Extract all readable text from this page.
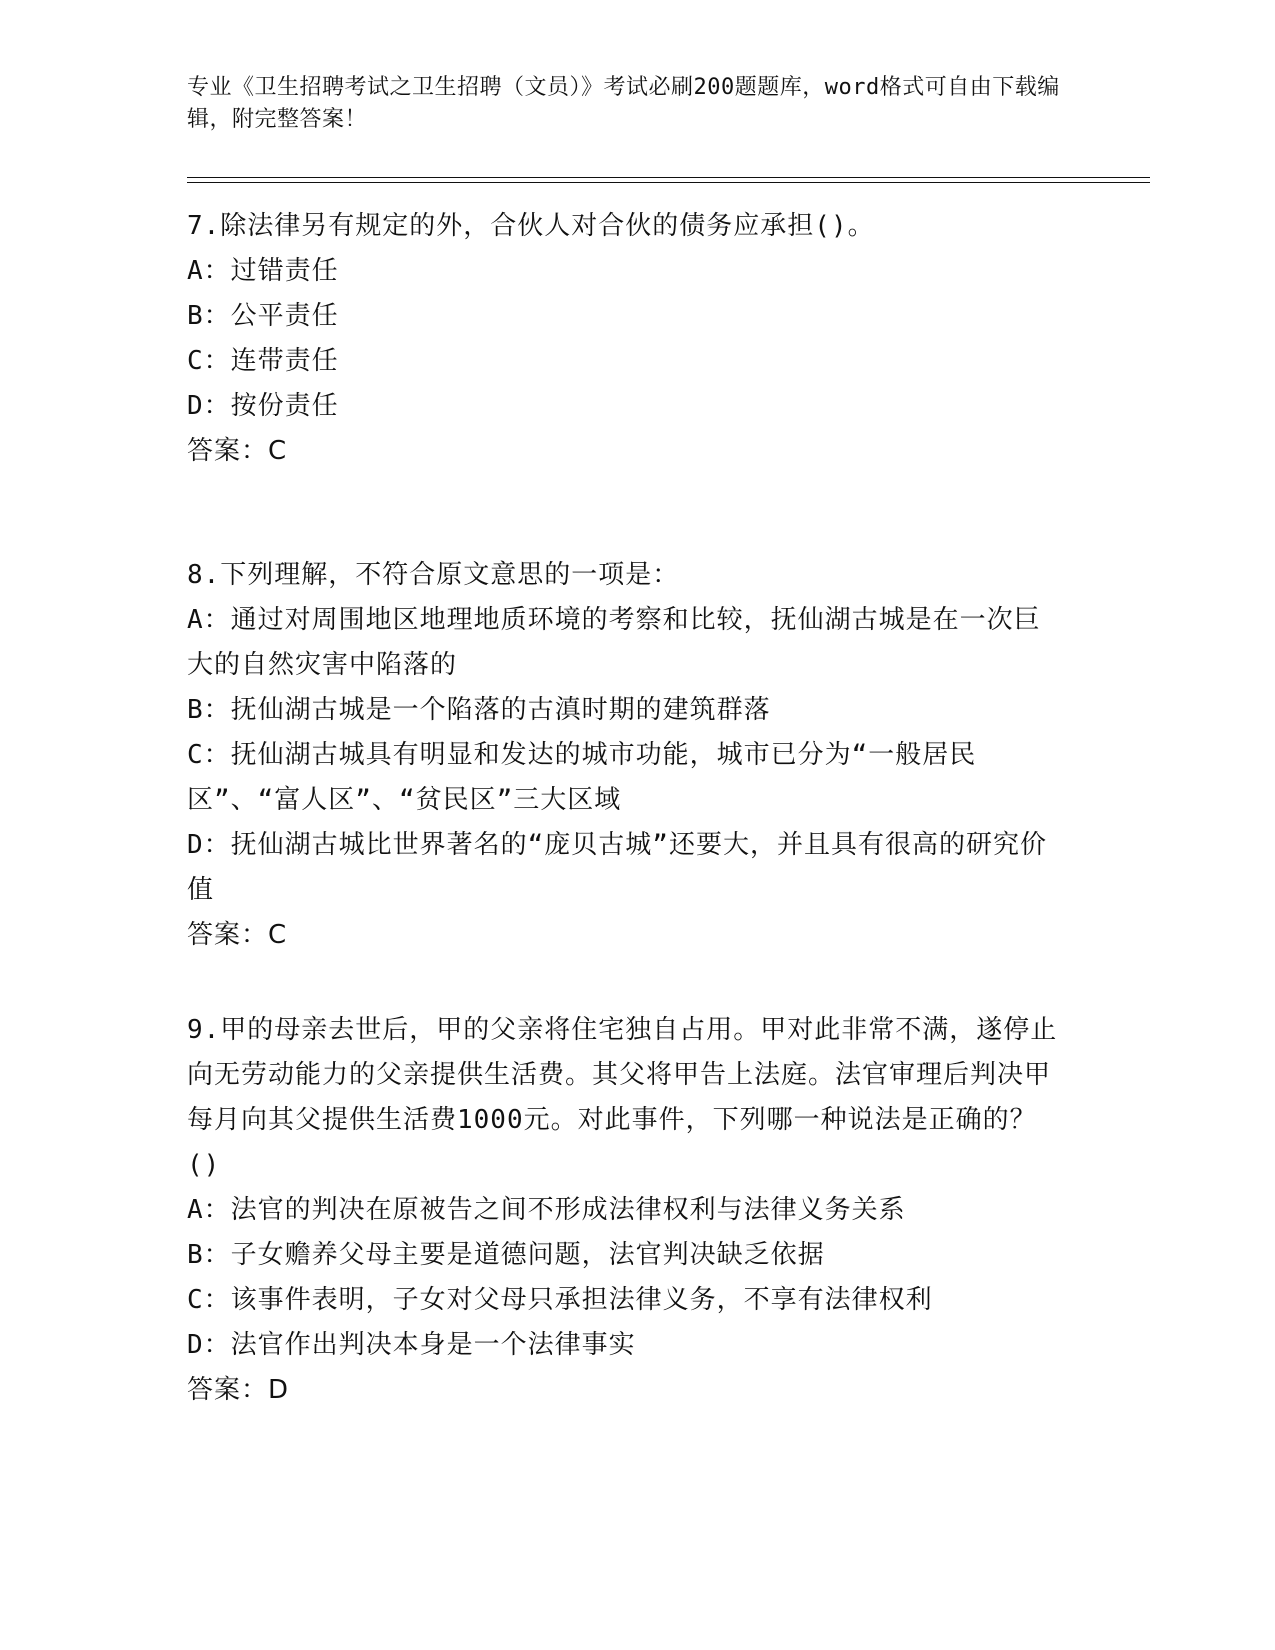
专业《卫生招聘考试之卫生招聘（文员）》考试必刷200题题库，word格式可自由下载编辑，附完整答案！
7.除法律另有规定的外，合伙人对合伙的债务应承担()。
A：过错责任
B：公平责任
C：连带责任
D：按份责任
答案：C
8.下列理解，不符合原文意思的一项是：
A：通过对周围地区地理地质环境的考察和比较，抚仙湖古城是在一次巨大的自然灾害中陷落的
B：抚仙湖古城是一个陷落的古滇时期的建筑群落
C：抚仙湖古城具有明显和发达的城市功能，城市已分为“一般居民区”、“富人区”、“贫民区”三大区域
D：抚仙湖古城比世界著名的“庞贝古城”还要大，并且具有很高的研究价值
答案：C
9.甲的母亲去世后，甲的父亲将住宅独自占用。甲对此非常不满，遂停止向无劳动能力的父亲提供生活费。其父将甲告上法庭。法官审理后判决甲每月向其父提供生活费1000元。对此事件，下列哪一种说法是正确的？()
A：法官的判决在原被告之间不形成法律权利与法律义务关系
B：子女赡养父母主要是道德问题，法官判决缺乏依据
C：该事件表明，子女对父母只承担法律义务，不享有法律权利
D：法官作出判决本身是一个法律事实
答案：D
